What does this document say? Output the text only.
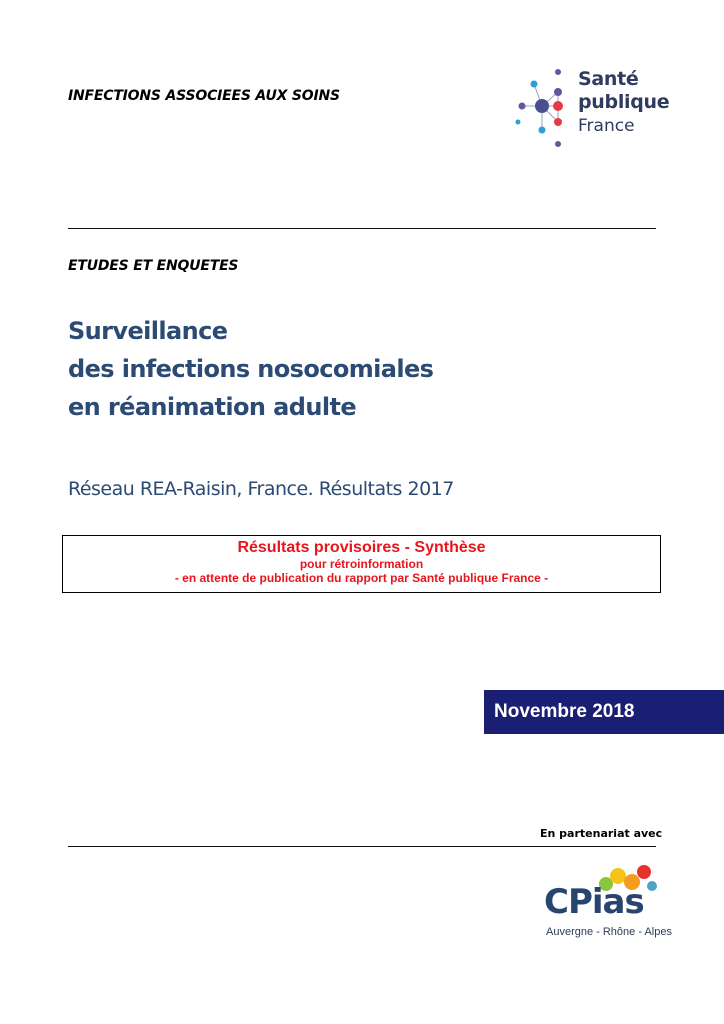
INFECTIONS ASSOCIEES AUX SOINS
Santé
publique
France
ETUDES ET ENQUETES
Surveillance
des infections nosocomiales
en réanimation adulte
Réseau REA-Raisin, France. Résultats 2017
Résultats provisoires - Synthèse
pour rétroinformation
- en attente de publication du rapport par Santé publique France -
Novembre 2018
En partenariat avec
CPias
Auvergne - Rhône - Alpes
